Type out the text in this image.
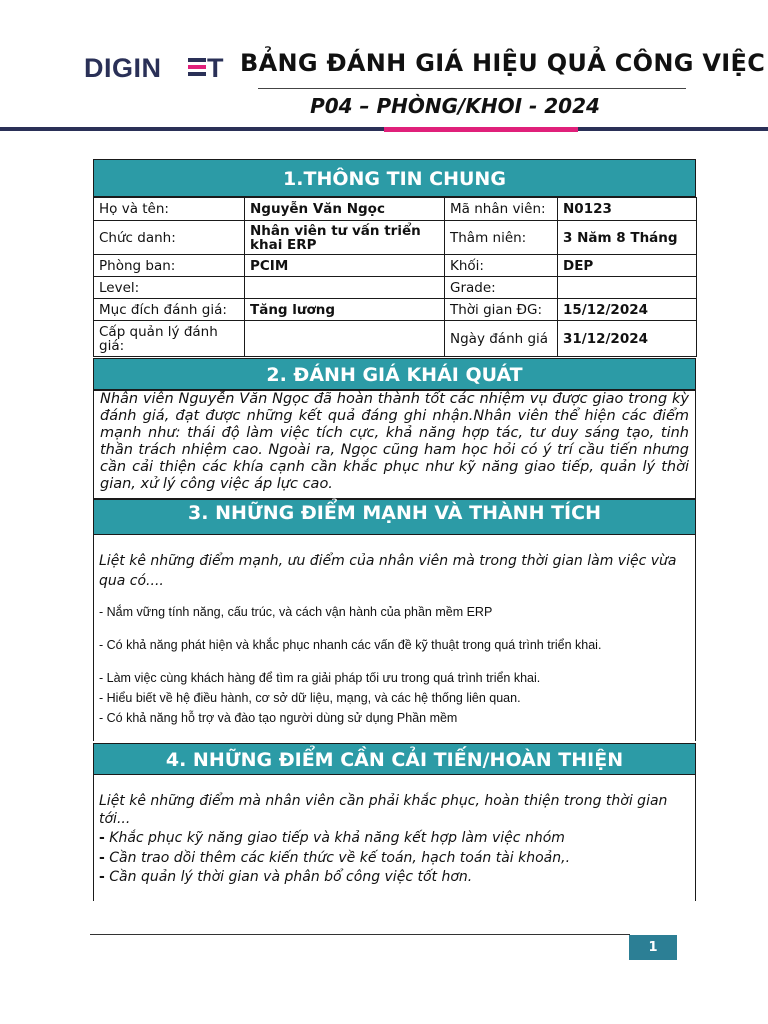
DIGIN T BẢNG ĐÁNH GIÁ HIỆU QUẢ CÔNG VIỆC
P04 – PHÒNG/KHOI - 2024
1.THÔNG TIN CHUNG
Họ và tên:	Nguyễn Văn Ngọc	Mã nhân viên:	N0123
Chức danh:	Nhân viên tư vấn triển khai ERP	Thâm niên:	3 Năm 8 Tháng
Phòng ban:	PCIM	Khối:	DEP
Level:		Grade:	
Mục đích đánh giá:	Tăng lương	Thời gian ĐG:	15/12/2024
Cấp quản lý đánh giá:		Ngày đánh giá	31/12/2024
2. ĐÁNH GIÁ KHÁI QUÁT
Nhân viên Nguyễn Văn Ngọc đã hoàn thành tốt các nhiệm vụ được giao trong kỳ đánh giá, đạt được những kết quả đáng ghi nhận.Nhân viên thể hiện các điểm mạnh như: thái độ làm việc tích cực, khả năng hợp tác, tư duy sáng tạo, tinh thần trách nhiệm cao. Ngoài ra, Ngọc cũng ham học hỏi có ý trí cầu tiến nhưng cần cải thiện các khía cạnh cần khắc phục như kỹ năng giao tiếp, quản lý thời gian, xử lý công việc áp lực cao.
3. NHỮNG ĐIỂM MẠNH VÀ THÀNH TÍCH
Liệt kê những điểm mạnh, ưu điểm của nhân viên mà trong thời gian làm việc vừa qua có....
- Nắm vững tính năng, cấu trúc, và cách vận hành của phần mềm ERP
- Có khả năng phát hiện và khắc phục nhanh các vấn đề kỹ thuật trong quá trình triển khai.
- Làm việc cùng khách hàng để tìm ra giải pháp tối ưu trong quá trình triển khai.
- Hiểu biết về hệ điều hành, cơ sở dữ liệu, mạng, và các hệ thống liên quan.
- Có khả năng hỗ trợ và đào tạo người dùng sử dụng Phần mềm
4. NHỮNG ĐIỂM CẦN CẢI TIẾN/HOÀN THIỆN
Liệt kê những điểm mà nhân viên cần phải khắc phục, hoàn thiện trong thời gian tới...
- Khắc phục kỹ năng giao tiếp và khả năng kết hợp làm việc nhóm
- Cần trao dồi thêm các kiến thức về kế toán, hạch toán tài khoản,.
- Cần quản lý thời gian và phân bổ công việc tốt hơn.
1
